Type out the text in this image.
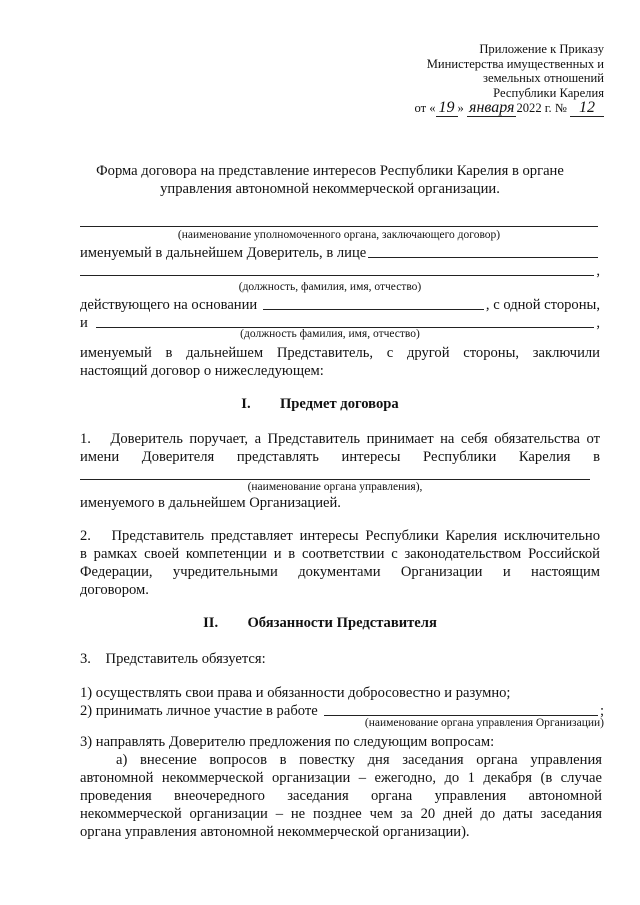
Приложение к Приказу
Министерства имущественных и
земельных отношений
Республики Карелия
от « 19 » января 2022 г. № 12
Форма договора на представление интересов Республики Карелия в органе
управления автономной некоммерческой организации.
(наименование уполномоченного органа, заключающего договор)
именуемый в дальнейшем Доверитель, в лице
,
(должность, фамилия, имя, отчество)
действующего на основании	, с одной стороны,
и	,
(должность фамилия, имя, отчество)
именуемый в дальнейшем Представитель, с другой стороны, заключили
настоящий договор о нижеследующем:
I. Предмет договора
1.   Доверитель поручает, а Представитель принимает на себя обязательства от
имени     Доверителя     представлять     интересы     Республики     Карелия     в
(наименование органа управления),
именуемого в дальнейшем Организацией.
2.   Представитель представляет интересы Республики Карелия исключительно
в рамках своей компетенции и в соответствии с законодательством Российской
Федерации,   учредительными   документами   Организации   и   настоящим
договором.
II. Обязанности Представителя
3.    Представитель обязуется:
1) осуществлять свои права и обязанности добросовестно и разумно;
2) принимать личное участие в работе	;
(наименование органа управления Организации)
3) направлять Доверителю предложения по следующим вопросам:
а) внесение вопросов в повестку дня заседания органа управления
автономной некоммерческой организации – ежегодно, до 1 декабря (в случае
проведения     внеочередного     заседания     органа     управления     автономной
некоммерческой организации – не позднее чем за 20 дней до даты заседания
органа управления автономной некоммерческой организации).
